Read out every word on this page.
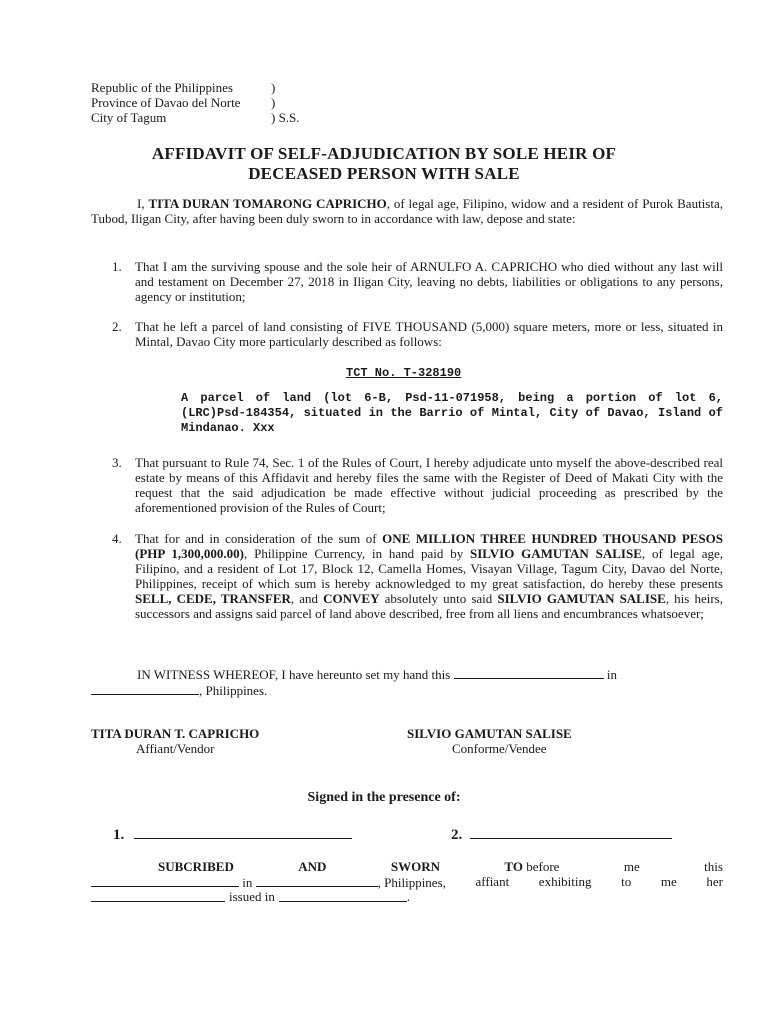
Republic of the Philippines	)
Province of Davao del Norte )
City of Tagum	) S.S.
AFFIDAVIT OF SELF-ADJUDICATION BY SOLE HEIR OF
DECEASED PERSON WITH SALE
I, TITA DURAN TOMARONG CAPRICHO, of legal age, Filipino, widow and a resident of Purok Bautista, Tubod, Iligan City, after having been duly sworn to in accordance with law, depose and state:
1. That I am the surviving spouse and the sole heir of ARNULFO A. CAPRICHO who died without any last will and testament on December 27, 2018 in Iligan City, leaving no debts, liabilities or obligations to any persons, agency or institution;
2. That he left a parcel of land consisting of FIVE THOUSAND (5,000) square meters, more or less, situated in Mintal, Davao City more particularly described as follows:
TCT No. T-328190
A parcel of land (lot 6-B, Psd-11-071958, being a portion of lot 6, (LRC)Psd-184354, situated in the Barrio of Mintal, City of Davao, Island of Mindanao. Xxx
3. That pursuant to Rule 74, Sec. 1 of the Rules of Court, I hereby adjudicate unto myself the above-described real estate by means of this Affidavit and hereby files the same with the Register of Deed of Makati City with the request that the said adjudication be made effective without judicial proceeding as prescribed by the aforementioned provision of the Rules of Court;
4. That for and in consideration of the sum of ONE MILLION THREE HUNDRED THOUSAND PESOS (PHP 1,300,000.00), Philippine Currency, in hand paid by SILVIO GAMUTAN SALISE, of legal age, Filipino, and a resident of Lot 17, Block 12, Camella Homes, Visayan Village, Tagum City, Davao del Norte, Philippines, receipt of which sum is hereby acknowledged to my great satisfaction, do hereby these presents SELL, CEDE, TRANSFER, and CONVEY absolutely unto said SILVIO GAMUTAN SALISE, his heirs, successors and assigns said parcel of land above described, free from all liens and encumbrances whatsoever;
IN WITNESS WHEREOF, I have hereunto set my hand this	in
, Philippines.
TITA DURAN T. CAPRICHO
Affiant/Vendor
SILVIO GAMUTAN SALISE
Conforme/Vendee
Signed in the presence of:
1.	2.
SUBCRIBED	AND	SWORN	TO before	me	this
in	, Philippines, affiant exhibiting to me her
issued in	.
